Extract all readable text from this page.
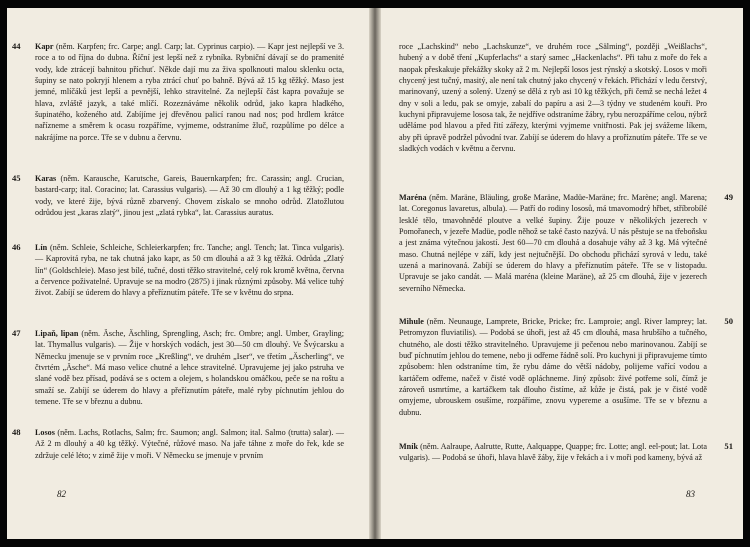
44 Kapr (něm. Karpfen; frc. Carpe; angl. Carp; lat. Cyprinus carpio). — Kapr jest nejlepší ve 3. roce a to od října do dubna. Říční jest lepší než z rybníka. Rybniční dávají se do pramenité vody, kde ztrácejí bahnitou příchuť. Někde dají mu za živa spolknouti malou sklenku octa, šupiny se nato pokryjí hlenem a ryba ztrácí chuť po bahně. Bývá až 15 kg těžký. Maso jest jemné, mlíčáků jest lepší a pevnější, lehko stravitelné. Za nejlepší část kapra považuje se hlava, zvláště jazyk, a také mlíčí. Rozeznáváme několik odrůd, jako kapra hladkého, šupinatého, koženého atd. Zabíjíme jej dřevěnou palicí ranou nad nos; pod hrdlem krátce nařízneme a směrem k ocasu rozpáříme, vyjmeme, odstraníme žluč, rozpůlíme po délce a nakrájíme na porce. Tře se v dubnu a červnu.
45 Karas (něm. Karausche, Karutsche, Gareis, Bauernkarpfen; frc. Carassin; angl. Crucian, bastard-carp; ital. Coracino; lat. Carassius vulgaris). — Až 30 cm dlouhý a 1 kg těžký; podle vody, ve které žije, bývá různě zbarvený. Chovem získalo se mnoho odrůd. Zlatožlutou odrůdou jest „karas zlatý“, jinou jest „zlatá rybka“, lat. Carassius auratus.
46 Lín (něm. Schleie, Schleiche, Schleierkarpfen; frc. Tanche; angl. Tench; lat. Tinca vulgaris). — Kaprovitá ryba, ne tak chutná jako kapr, as 50 cm dlouhá a až 3 kg těžká. Odrůda „Zlatý lín“ (Goldschleie). Maso jest bílé, tučné, dosti těžko stravitelné, celý rok kromě května, června a července poživatelné. Upravuje se na modro (2875) i jinak různými způsoby. Má velice tuhý život. Zabíjí se úderem do hlavy a přeříznutím páteře. Tře se v květnu do srpna.
47 Lipaň, lipan (něm. Äsche, Äschling, Sprengling, Asch; frc. Ombre; angl. Umber, Grayling; lat. Thymallus vulgaris). — Žije v horských vodách, jest 30—50 cm dlouhý. Ve Švýcarsku a Německu jmenuje se v prvním roce „Kreßling“, ve druhém „Iser“, ve třetím „Äscherling“, ve čtvrtém „Äsche“. Má maso velice chutné a lehce stravitelné. Upravujeme jej jako pstruha ve slané vodě bez přísad, podává se s octem a olejem, s holandskou omáčkou, peče se na roštu a smaží se. Zabíjí se úderem do hlavy a přeříznutím páteře, malé ryby píchnutím jehlou do temene. Tře se v březnu a dubnu.
48 Losos (něm. Lachs, Rotlachs, Salm; frc. Saumon; angl. Salmon; ital. Salmo (trutta) salar). — Až 2 m dlouhý a 40 kg těžký. Výtečné, růžové maso. Na jaře táhne z moře do řek, kde se zdržuje celé léto; v zimě žije v moři. V Německu se jmenuje v prvním
82
roce „Lachskind“ nebo „Lachskunze“, ve druhém roce „Sälming“, později „Weißlachs“, hubený a v době tření „Kupferlachs“ a starý samec „Hackenlachs“. Při tahu z moře do řek a naopak přeskakuje překážky skoky až 2 m. Nejlepší losos jest rýnský a skotský. Losos v moři chycený jest tučný, masitý, ale není tak chutný jako chycený v řekách. Přichází v ledu čerstvý, marinovaný, uzený a solený. Uzený se dělá z ryb asi 10 kg těžkých, při čemž se nechá ležet 4 dny v soli a ledu, pak se omyje, zabalí do papíru a asi 2—3 týdny ve studeném kouři. Pro kuchyni připravujeme lososa tak, že nejdříve odstraníme žábry, rybu nerozpáříme celou, nýbrž uděláme pod hlavou a před řití zářezy, kterými vyjmeme vnitřnosti. Pak jej svážeme líkem, aby při úpravě podržel původní tvar. Zabíjí se úderem do hlavy a proříznutím páteře. Tře se ve sladkých vodách v květnu a červnu.
49
Maréna (něm. Maräne, Bläuling, große Maräne, Madüe-Maräne; frc. Marène; angl. Marena; lat. Coregonus lavaretus, albula). — Patří do rodiny lososů, má tmavomodrý hřbet, stříbrobílé lesklé tělo, tmavohnědé ploutve a velké šupiny. Žije pouze v několikých jezerech v Pomořanech, v jezeře Madüe, podle něhož se také často nazývá. U nás pěstuje se na třeboňsku a jest známa výtečnou jakostí. Jest 60—70 cm dlouhá a dosahuje váhy až 3 kg. Má výtečné maso. Chutná nejlépe v září, kdy jest nejtučnější. Do obchodu přichází syrová v ledu, také uzená a marinovaná. Zabíjí se úderem do hlavy a přeříznutím páteře. Tře se v listopadu. Upravuje se jako candát. — Malá maréna (kleine Maräne), až 25 cm dlouhá, žije v jezerech severního Německa.
50
Mihule (něm. Neunauge, Lamprete, Bricke, Pricke; frc. Lamproie; angl. River lamprey; lat. Petromyzon fluviatilis). — Podobá se úhoři, jest až 45 cm dlouhá, masa hrubšího a tučného, chutného, ale dosti těžko stravitelného. Upravujeme ji pečenou nebo marinovanou. Zabíjí se buď píchnutím jehlou do temene, nebo ji odřeme řádně solí. Pro kuchyni ji připravujeme tímto způsobem: hlen odstraníme tím, že rybu dáme do větší nádoby, polijeme vařící vodou a kartáčem odřeme, načež v čisté vodě opláchneme. Jiný způsob: živé potřeme solí, čímž je zároveň usmrtíme, a kartáčkem tak dlouho čistíme, až kůže je čistá, pak je v čisté vodě omyjeme, ubrouskem osušíme, rozpáříme, znovu vypereme a osušíme. Tře se v březnu a dubnu.
51
Mník (něm. Aalraupe, Aalrutte, Rutte, Aalquappe, Quappe; frc. Lotte; angl. eel-pout; lat. Lota vulgaris). — Podobá se úhoři, hlava hlavě žáby, žije v řekách a i v moři pod kameny, bývá až
83
